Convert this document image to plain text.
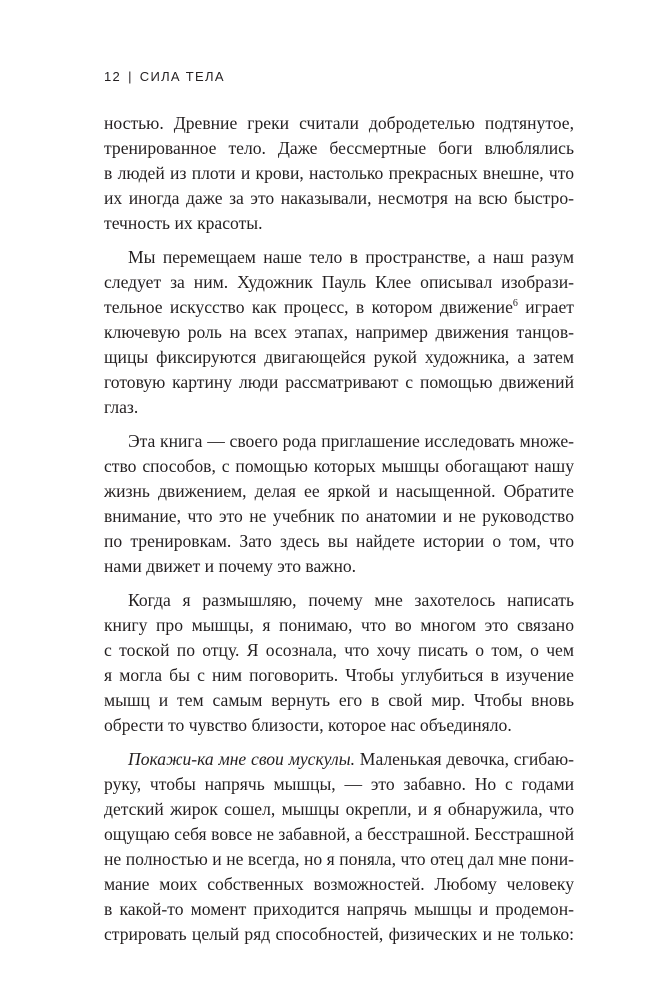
12 | СИЛА ТЕЛА

ностью. Древние греки считали добродетелью подтянутое,
тренированное тело. Даже бессмертные боги влюблялись
в людей из плоти и крови, настолько прекрасных внешне, что
их иногда даже за это наказывали, несмотря на всю быстро-
течность их красоты.

Мы перемещаем наше тело в пространстве, а наш разум
следует за ним. Художник Пауль Клее описывал изобрази-
тельное искусство как процесс, в котором движение$^6$ играет
ключевую роль на всех этапах, например движения танцов-
щицы фиксируются двигающейся рукой художника, а затем
готовую картину люди рассматривают с помощью движений
глаз.

Эта книга — своего рода приглашение исследовать множе-
ство способов, с помощью которых мышцы обогащают нашу
жизнь движением, делая ее яркой и насыщенной. Обратите
внимание, что это не учебник по анатомии и не руководство
по тренировкам. Зато здесь вы найдете истории о том, что
нами движет и почему это важно.

Когда я размышляю, почему мне захотелось написать
книгу про мышцы, я понимаю, что во многом это связано
с тоской по отцу. Я осознала, что хочу писать о том, о чем
я могла бы с ним поговорить. Чтобы углубиться в изучение
мышц и тем самым вернуть его в свой мир. Чтобы вновь
обрести то чувство близости, которое нас объединяло.

Покажи-ка мне свои мускулы. Маленькая девочка, сгибаю-
руку, чтобы напрячь мышцы, — это забавно. Но с годами
детский жирок сошел, мышцы окрепли, и я обнаружила, что
ощущаю себя вовсе не забавной, а бесстрашной. Бесстрашной
не полностью и не всегда, но я поняла, что отец дал мне пони-
мание моих собственных возможностей. Любому человеку
в какой-то момент приходится напрячь мышцы и продемон-
стрировать целый ряд способностей, физических и не только:
